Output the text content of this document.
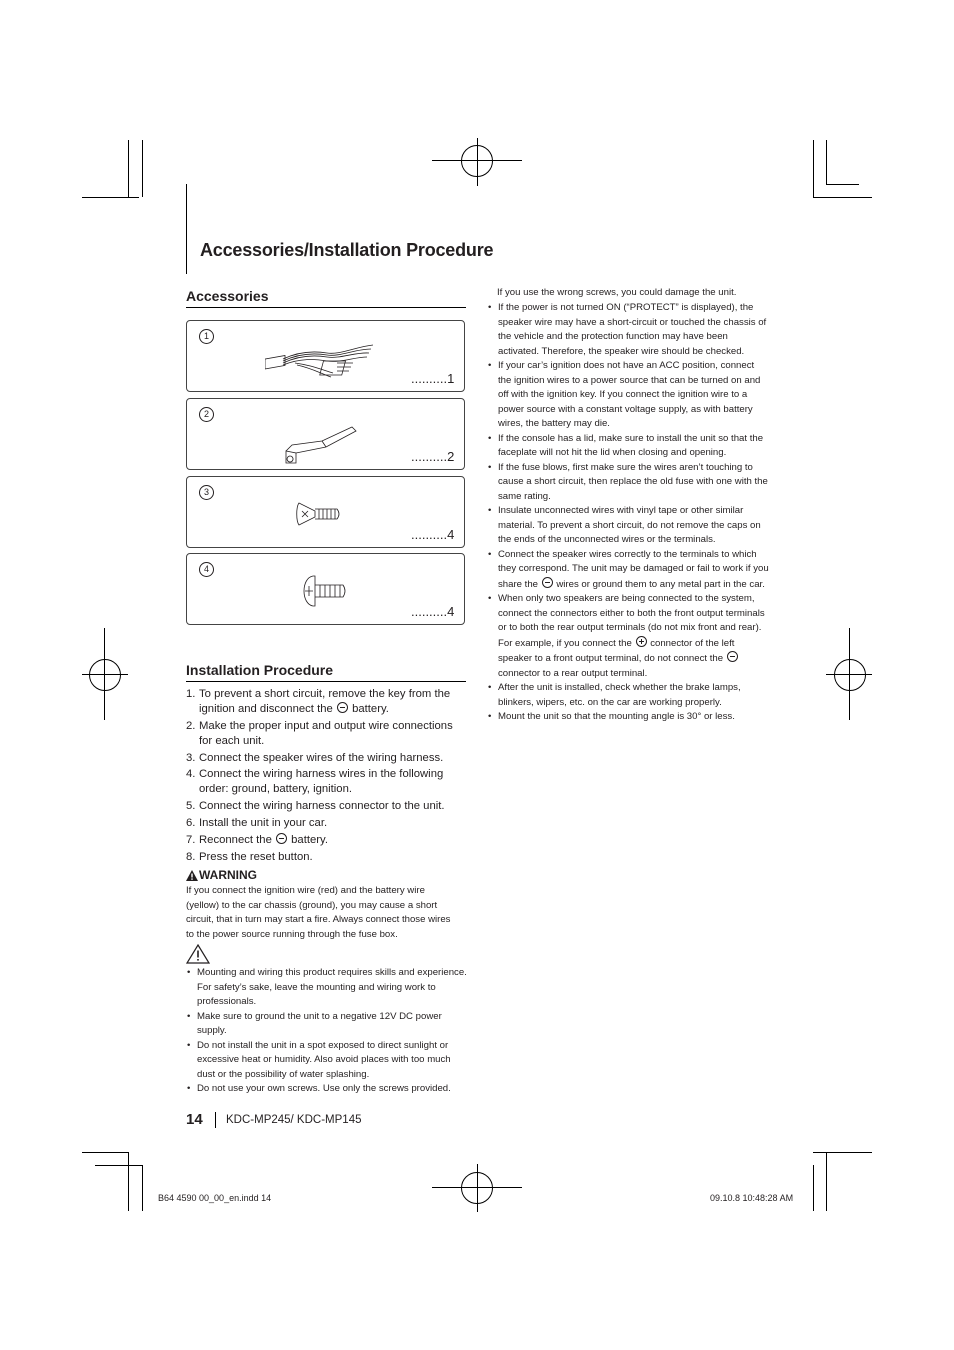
Accessories/Installation Procedure
Accessories
1
..........1
2
..........2
3
..........4
4
..........4
Installation Procedure
1. To prevent a short circuit, remove the key from the ignition and disconnect the battery.
2. Make the proper input and output wire connections for each unit.
3. Connect the speaker wires of the wiring harness.
4. Connect the wiring harness wires in the following order: ground, battery, ignition.
5. Connect the wiring harness connector to the unit.
6. Install the unit in your car.
7. Reconnect the battery.
8. Press the reset button.
WARNING
If you connect the ignition wire (red) and the battery wire (yellow) to the car chassis (ground), you may cause a short circuit, that in turn may start a fire. Always connect those wires to the power source running through the fuse box.
• Mounting and wiring this product requires skills and experience. For safety’s sake, leave the mounting and wiring work to professionals.
• Make sure to ground the unit to a negative 12V DC power supply.
• Do not install the unit in a spot exposed to direct sunlight or excessive heat or humidity. Also avoid places with too much dust or the possibility of water splashing.
• Do not use your own screws. Use only the screws provided.
If you use the wrong screws, you could damage the unit.
• If the power is not turned ON (“PROTECT” is displayed), the speaker wire may have a short-circuit or touched the chassis of the vehicle and the protection function may have been activated. Therefore, the speaker wire should be checked.
• If your car’s ignition does not have an ACC position, connect the ignition wires to a power source that can be turned on and off with the ignition key. If you connect the ignition wire to a power source with a constant voltage supply, as with battery wires, the battery may die.
• If the console has a lid, make sure to install the unit so that the faceplate will not hit the lid when closing and opening.
• If the fuse blows, first make sure the wires aren’t touching to cause a short circuit, then replace the old fuse with one with the same rating.
• Insulate unconnected wires with vinyl tape or other similar material. To prevent a short circuit, do not remove the caps on the ends of the unconnected wires or the terminals.
• Connect the speaker wires correctly to the terminals to which they correspond. The unit may be damaged or fail to work if you share the wires or ground them to any metal part in the car.
• When only two speakers are being connected to the system, connect the connectors either to both the front output terminals or to both the rear output terminals (do not mix front and rear). For example, if you connect the connector of the left speaker to a front output terminal, do not connect the  connector to a rear output terminal.
• After the unit is installed, check whether the brake lamps, blinkers, wipers, etc. on the car are working properly.
• Mount the unit so that the mounting angle is 30° or less.
14 KDC-MP245/ KDC-MP145
B64 4590 00_00_en.indd 14	09.10.8 10:48:28 AM
